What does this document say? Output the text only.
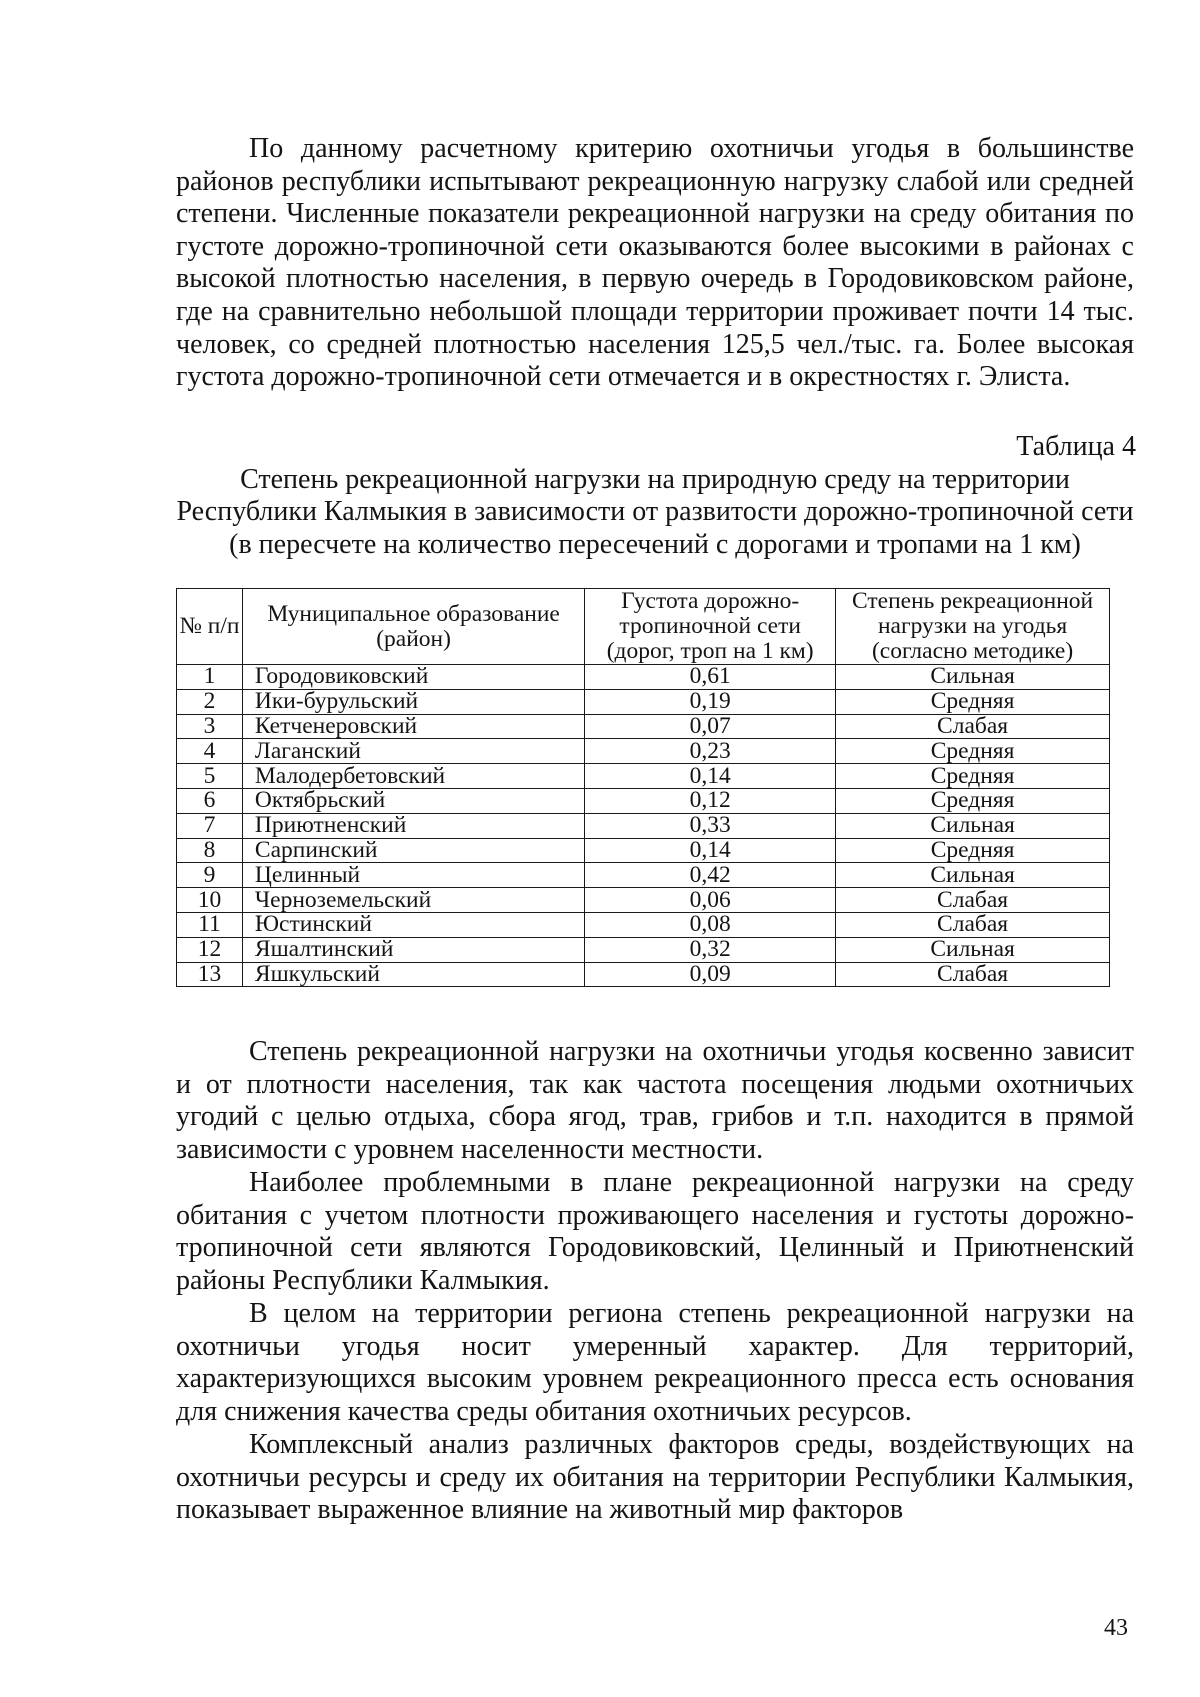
По данному расчетному критерию охотничьи угодья в большинстве районов республики испытывают рекреационную нагрузку слабой или средней степени. Численные показатели рекреационной нагрузки на среду обитания по густоте дорожно-тропиночной сети оказываются более высокими в районах с высокой плотностью населения, в первую очередь в Городовиковском районе, где на сравнительно небольшой площади территории проживает почти 14 тыс. человек, со средней плотностью населения 125,5 чел./тыс. га. Более высокая густота дорожно-тропиночной сети отмечается и в окрестностях г. Элиста.

Таблица 4

Степень рекреационной нагрузки на природную среду на территории Республики Калмыкия в зависимости от развитости дорожно-тропиночной сети (в пересчете на количество пересечений с дорогами и тропами на 1 км)

№ п/п	Муниципальное образование (район)	Густота дорожно-тропиночной сети (дорог, троп на 1 км)	Степень рекреационной нагрузки на угодья (согласно методике)
1	Городовиковский	0,61	Сильная
2	Ики-бурульский	0,19	Средняя
3	Кетченеровский	0,07	Слабая
4	Лаганский	0,23	Средняя
5	Малодербетовский	0,14	Средняя
6	Октябрьский	0,12	Средняя
7	Приютненский	0,33	Сильная
8	Сарпинский	0,14	Средняя
9	Целинный	0,42	Сильная
10	Черноземельский	0,06	Слабая
11	Юстинский	0,08	Слабая
12	Яшалтинский	0,32	Сильная
13	Яшкульский	0,09	Слабая

Степень рекреационной нагрузки на охотничьи угодья косвенно зависит и от плотности населения, так как частота посещения людьми охотничьих угодий с целью отдыха, сбора ягод, трав, грибов и т.п. находится в прямой зависимости с уровнем населенности местности.

Наиболее проблемными в плане рекреационной нагрузки на среду обитания с учетом плотности проживающего населения и густоты дорожно-тропиночной сети являются Городовиковский, Целинный и Приютненский районы Республики Калмыкия.

В целом на территории региона степень рекреационной нагрузки на охотничьи угодья носит умеренный характер. Для территорий, характеризующихся высоким уровнем рекреационного пресса есть основания для снижения качества среды обитания охотничьих ресурсов.

Комплексный анализ различных факторов среды, воздействующих на охотничьи ресурсы и среду их обитания на территории Республики Калмыкия, показывает выраженное влияние на животный мир факторов

43
